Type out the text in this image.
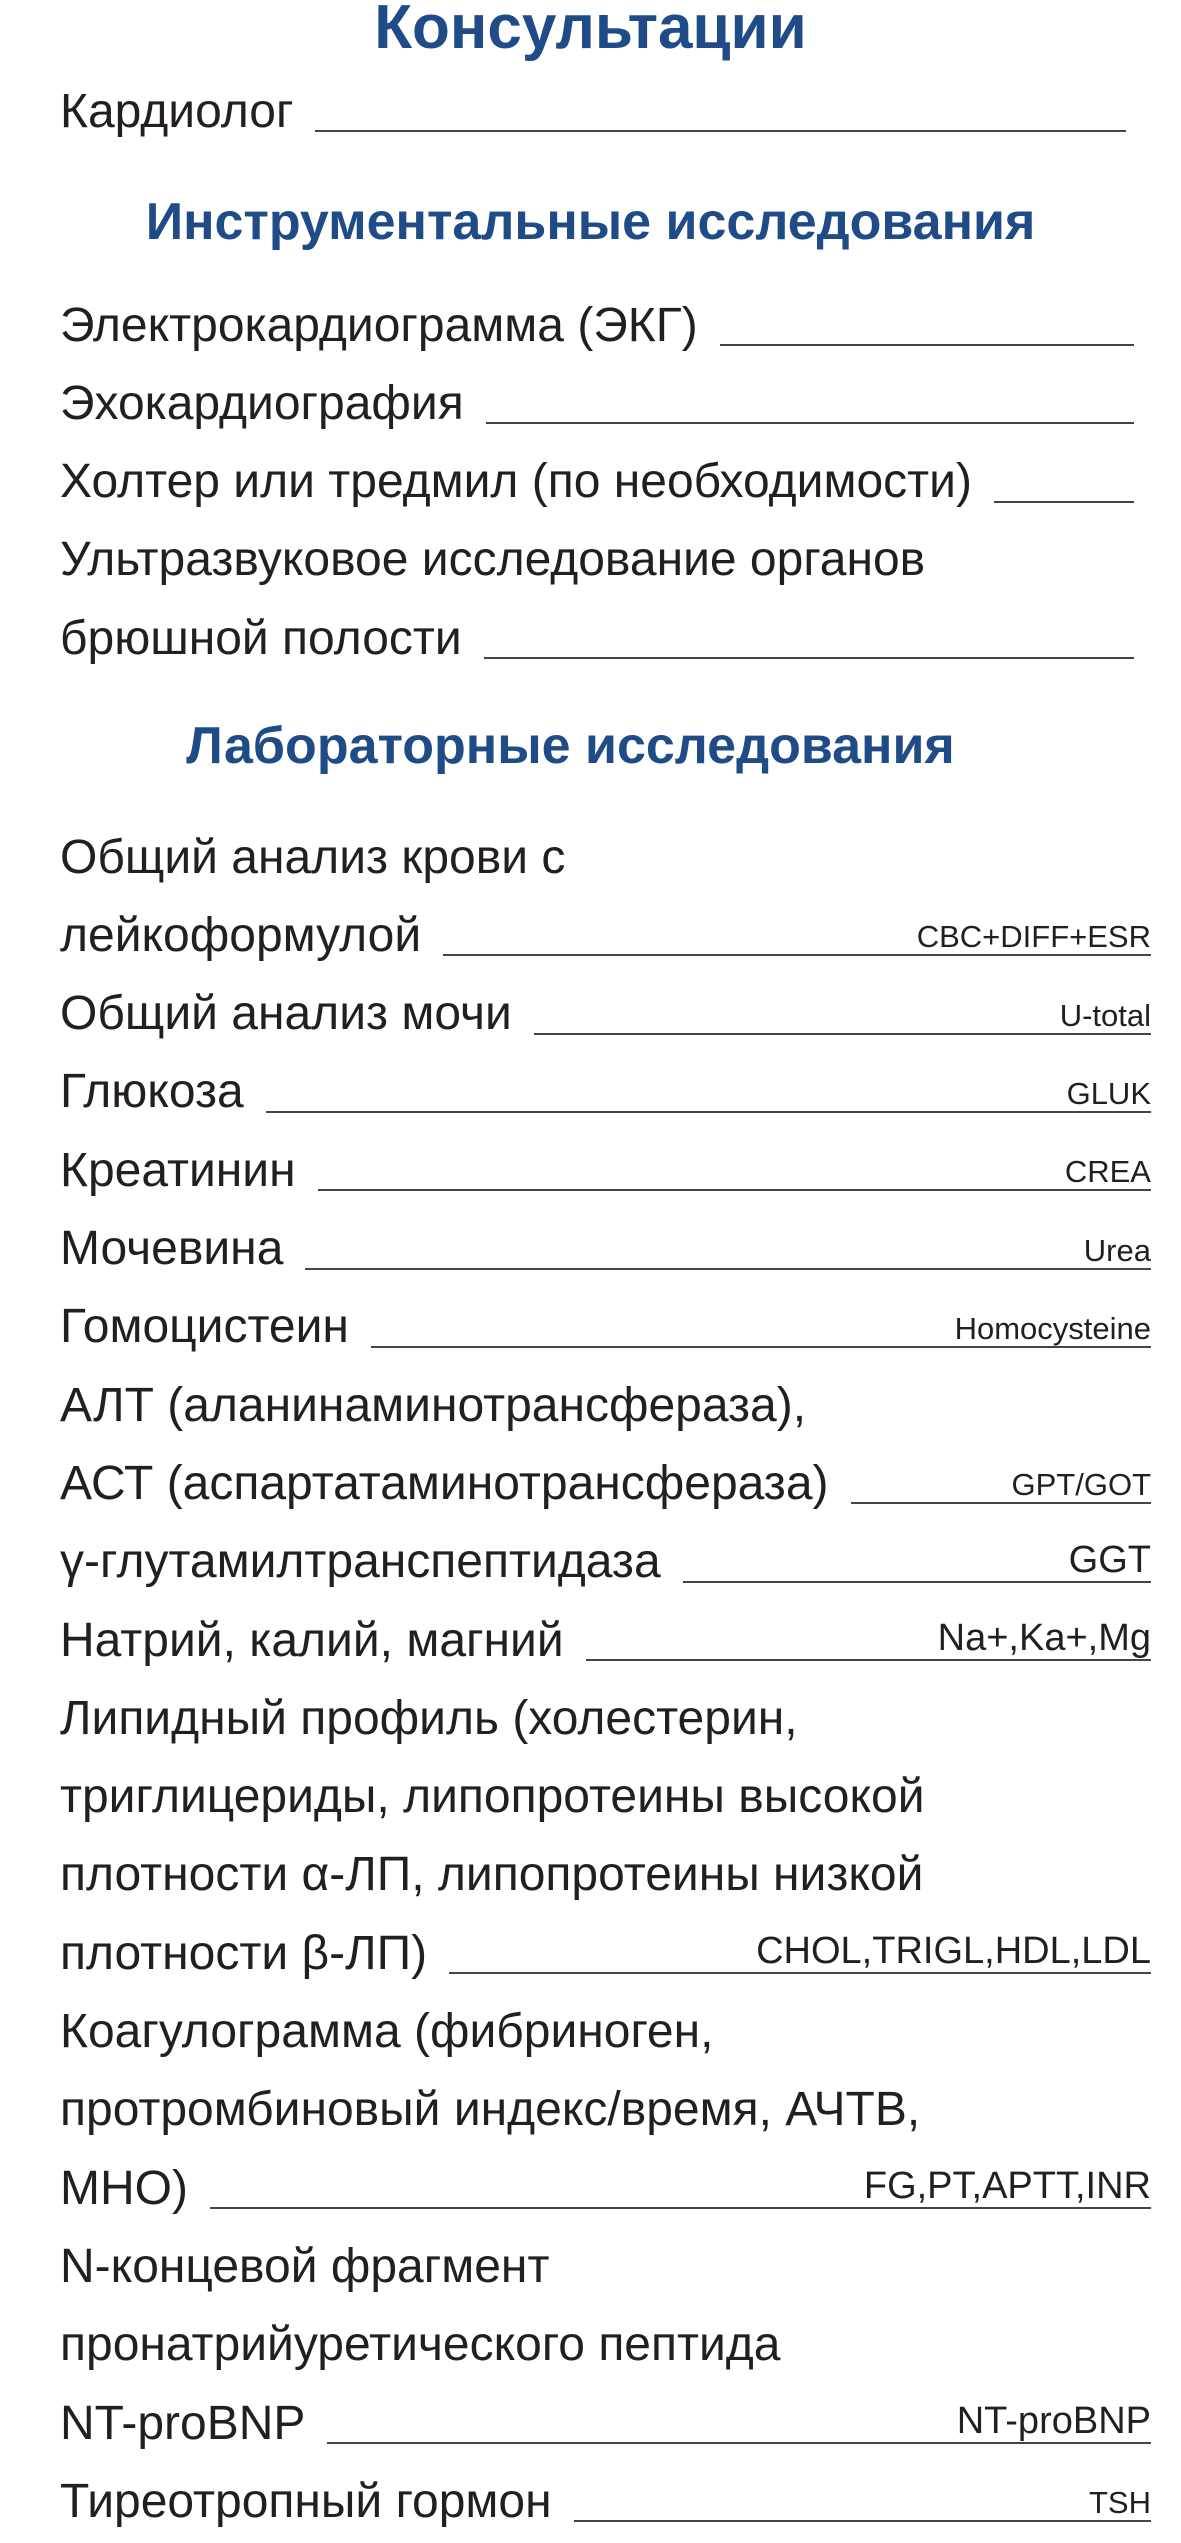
Консультации
Кардиолог
Инструментальные исследования
Электрокардиограмма (ЭКГ)
Эхокардиография
Холтер или тредмил (по необходимости)
Ультразвуковое исследование органов
брюшной полости
Лабораторные исследования
Общий анализ крови с
лейкоформулой	CBC+DIFF+ESR
Общий анализ мочи	U-total
Глюкоза	GLUK
Креатинин	CREA
Мочевина	Urea
Гомоцистеин	Homocysteine
АЛТ (аланинаминотрансфераза),
АСТ (аспартатаминотрансфераза)	GPT/GOT
γ-глутамилтранспептидаза	GGT
Натрий, калий, магний	Na+,Ka+,Mg
Липидный профиль (холестерин,
триглицериды, липопротеины высокой
плотности α-ЛП, липопротеины низкой
плотности β-ЛП)	CHOL,TRIGL,HDL,LDL
Коагулограмма (фибриноген,
протромбиновый индекс/время, АЧТВ,
МНО)	FG,PT,APTT,INR
N-концевой фрагмент
пронатрийуретического пептида
NT-proBNP	NT-proBNP
Тиреотропный гормон	TSH
